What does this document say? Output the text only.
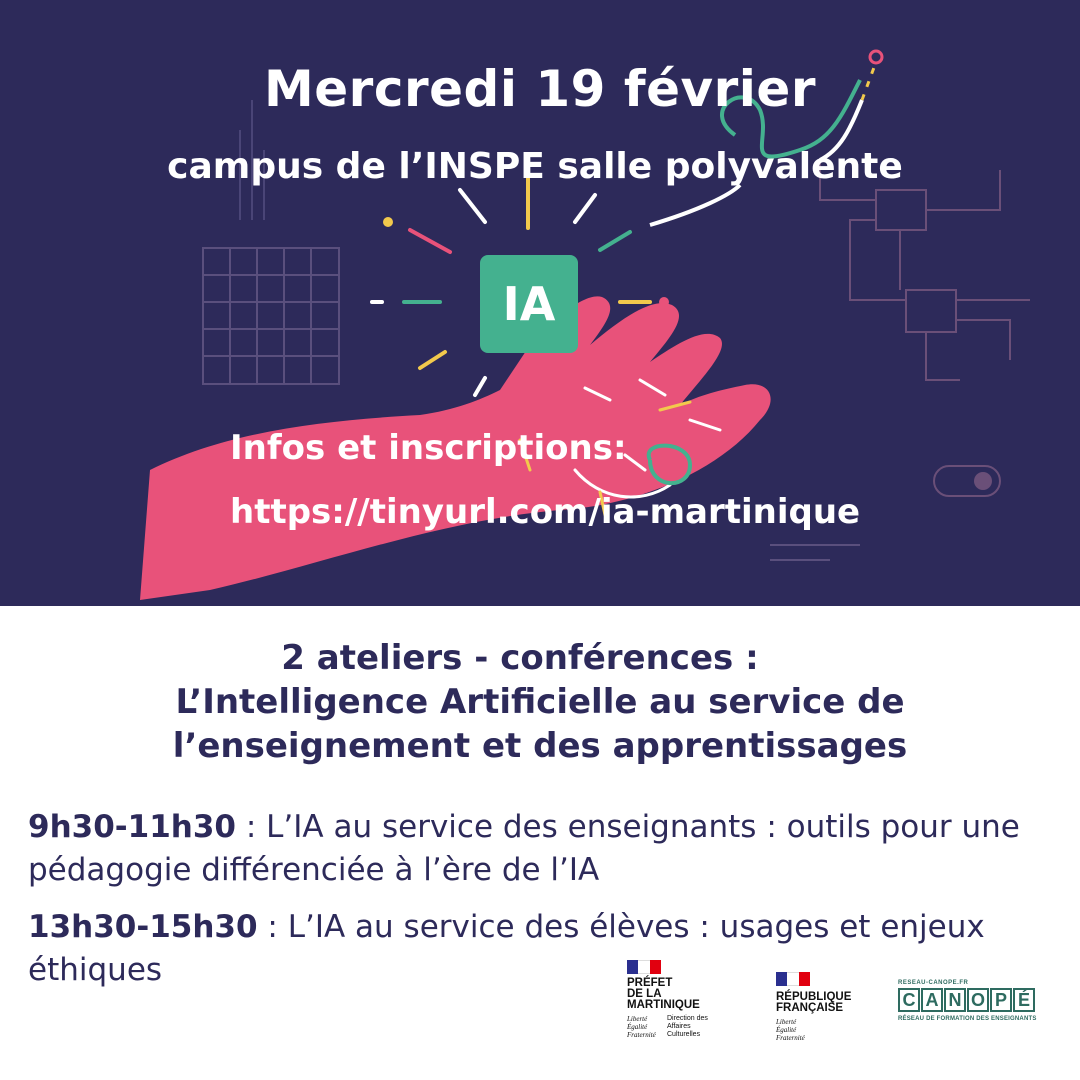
Mercredi 19 février
campus de l’INSPE salle polyvalente
IA
Infos et inscriptions:
https://tinyurl.com/ia-martinique
2 ateliers - conférences :
L’Intelligence Artificielle au service de
l’enseignement et des apprentissages
9h30-11h30 : L’IA au service des enseignants : outils pour une pédagogie différenciée à l’ère de l’IA
13h30-15h30 : L’IA au service des élèves : usages et enjeux éthiques	PRÉFET
DE LA
MARTINIQUE
Liberté
Égalité
Fraternité
Direction des
Affaires
Culturelles
RÉPUBLIQUE
FRANÇAISE
Liberté
Égalité
Fraternité
RESEAU-CANOPE.FR
C A N O P É
RÉSEAU DE FORMATION DES ENSEIGNANTS
